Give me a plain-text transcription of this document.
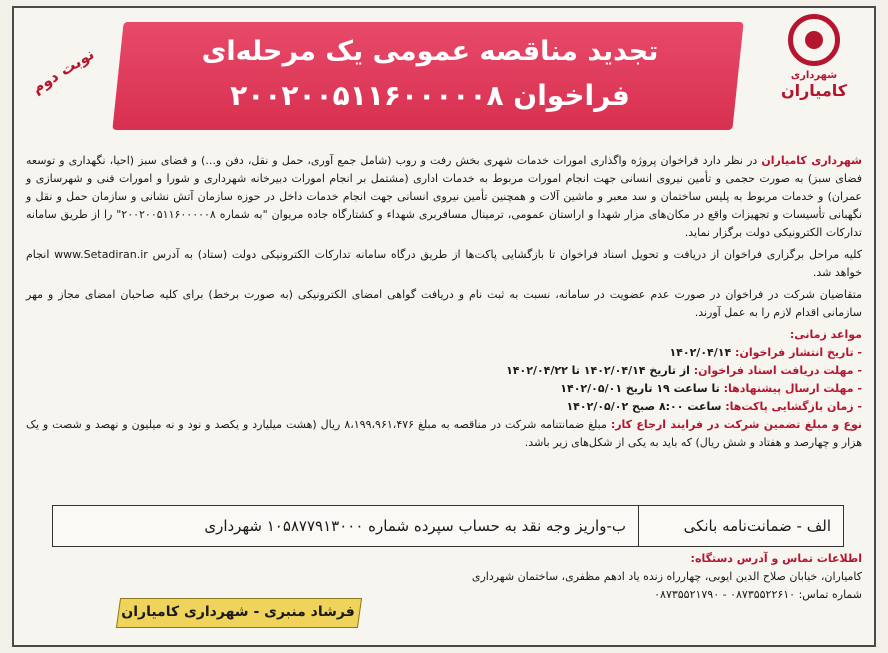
تجدید مناقصه عمومی یک مرحله‌ای
فراخوان ۲۰۰۲۰۰۵۱۱۶۰۰۰۰۰۸
نوبت دوم	شهرداری
کامیاران

شهرداری کامیاران در نظر دارد فراخوان پروژه واگذاری امورات خدمات شهری بخش رفت و روب (شامل جمع آوری، حمل و نقل، دفن و...) و فضای سبز (احیا، نگهداری و توسعه فضای سبز) به صورت حجمی و تأمین نیروی انسانی جهت انجام امورات مربوط به خدمات اداری (مشتمل بر انجام امورات دبیرخانه شهرداری و شورا و امورات فنی و شهرسازی و عمران) و خدمات مربوط به پلیس ساختمان و سد معبر و ماشین آلات و همچنین تأمین نیروی انسانی جهت انجام خدمات داخل در حوزه سازمان آتش نشانی و سازمان حمل و نقل و نگهبانی تأسیسات و تجهیزات واقع در مکان‌های مزار شهدا و اراستان عمومی، ترمینال مسافربری شهداء و کشتارگاه جاده مریوان "به شماره ۲۰۰۲۰۰۵۱۱۶۰۰۰۰۰۸" را از طریق سامانه تدارکات الکترونیکی دولت برگزار نماید.

کلیه مراحل برگزاری فراخوان از دریافت و تحویل اسناد فراخوان تا بازگشایی پاکت‌ها از طریق درگاه سامانه تدارکات الکترونیکی دولت (ستاد) به آدرس www.Setadiran.ir انجام خواهد شد.

متقاضیان شرکت در فراخوان در صورت عدم عضویت در سامانه، نسبت به ثبت نام و دریافت گواهی امضای الکترونیکی (به صورت برخط) برای کلیه صاحبان امضای مجاز و مهر سازمانی اقدام لازم را به عمل آورند.

مواعد زمانی:
- تاریخ انتشار فراخوان: ۱۴۰۲/۰۴/۱۴
- مهلت دریافت اسناد فراخوان: از تاریخ ۱۴۰۲/۰۴/۱۴ تا ۱۴۰۲/۰۴/۲۲
- مهلت ارسال پیشنهادها: تا ساعت ۱۹ تاریخ ۱۴۰۲/۰۵/۰۱
- زمان بازگشایی پاکت‌ها: ساعت ۸:۰۰ صبح ۱۴۰۲/۰۵/۰۲

نوع و مبلغ تضمین شرکت در فرایند ارجاع کار: مبلغ ضمانتنامه شرکت در مناقصه به مبلغ ۸،۱۹۹،۹۶۱،۴۷۶ ریال (هشت میلیارد و یکصد و نود و نه میلیون و نهصد و شصت و یک هزار و چهارصد و هفتاد و شش ریال) که باید به یکی از شکل‌های زیر باشد.

الف - ضمانت‌نامه بانکی
ب-واریز وجه نقد به حساب سپرده شماره ۱۰۵۸۷۷۹۱۳۰۰۰ شهرداری

اطلاعات تماس و آدرس دستگاه:

کامیاران، خیابان صلاح الدین ایوبی، چهارراه زنده یاد ادهم مظفری، ساختمان شهرداری

شماره تماس: ۰۸۷۳۵۵۲۲۶۱۰ - ۰۸۷۳۵۵۲۱۷۹۰

فرشاد منبری - شهرداری کامیاران
